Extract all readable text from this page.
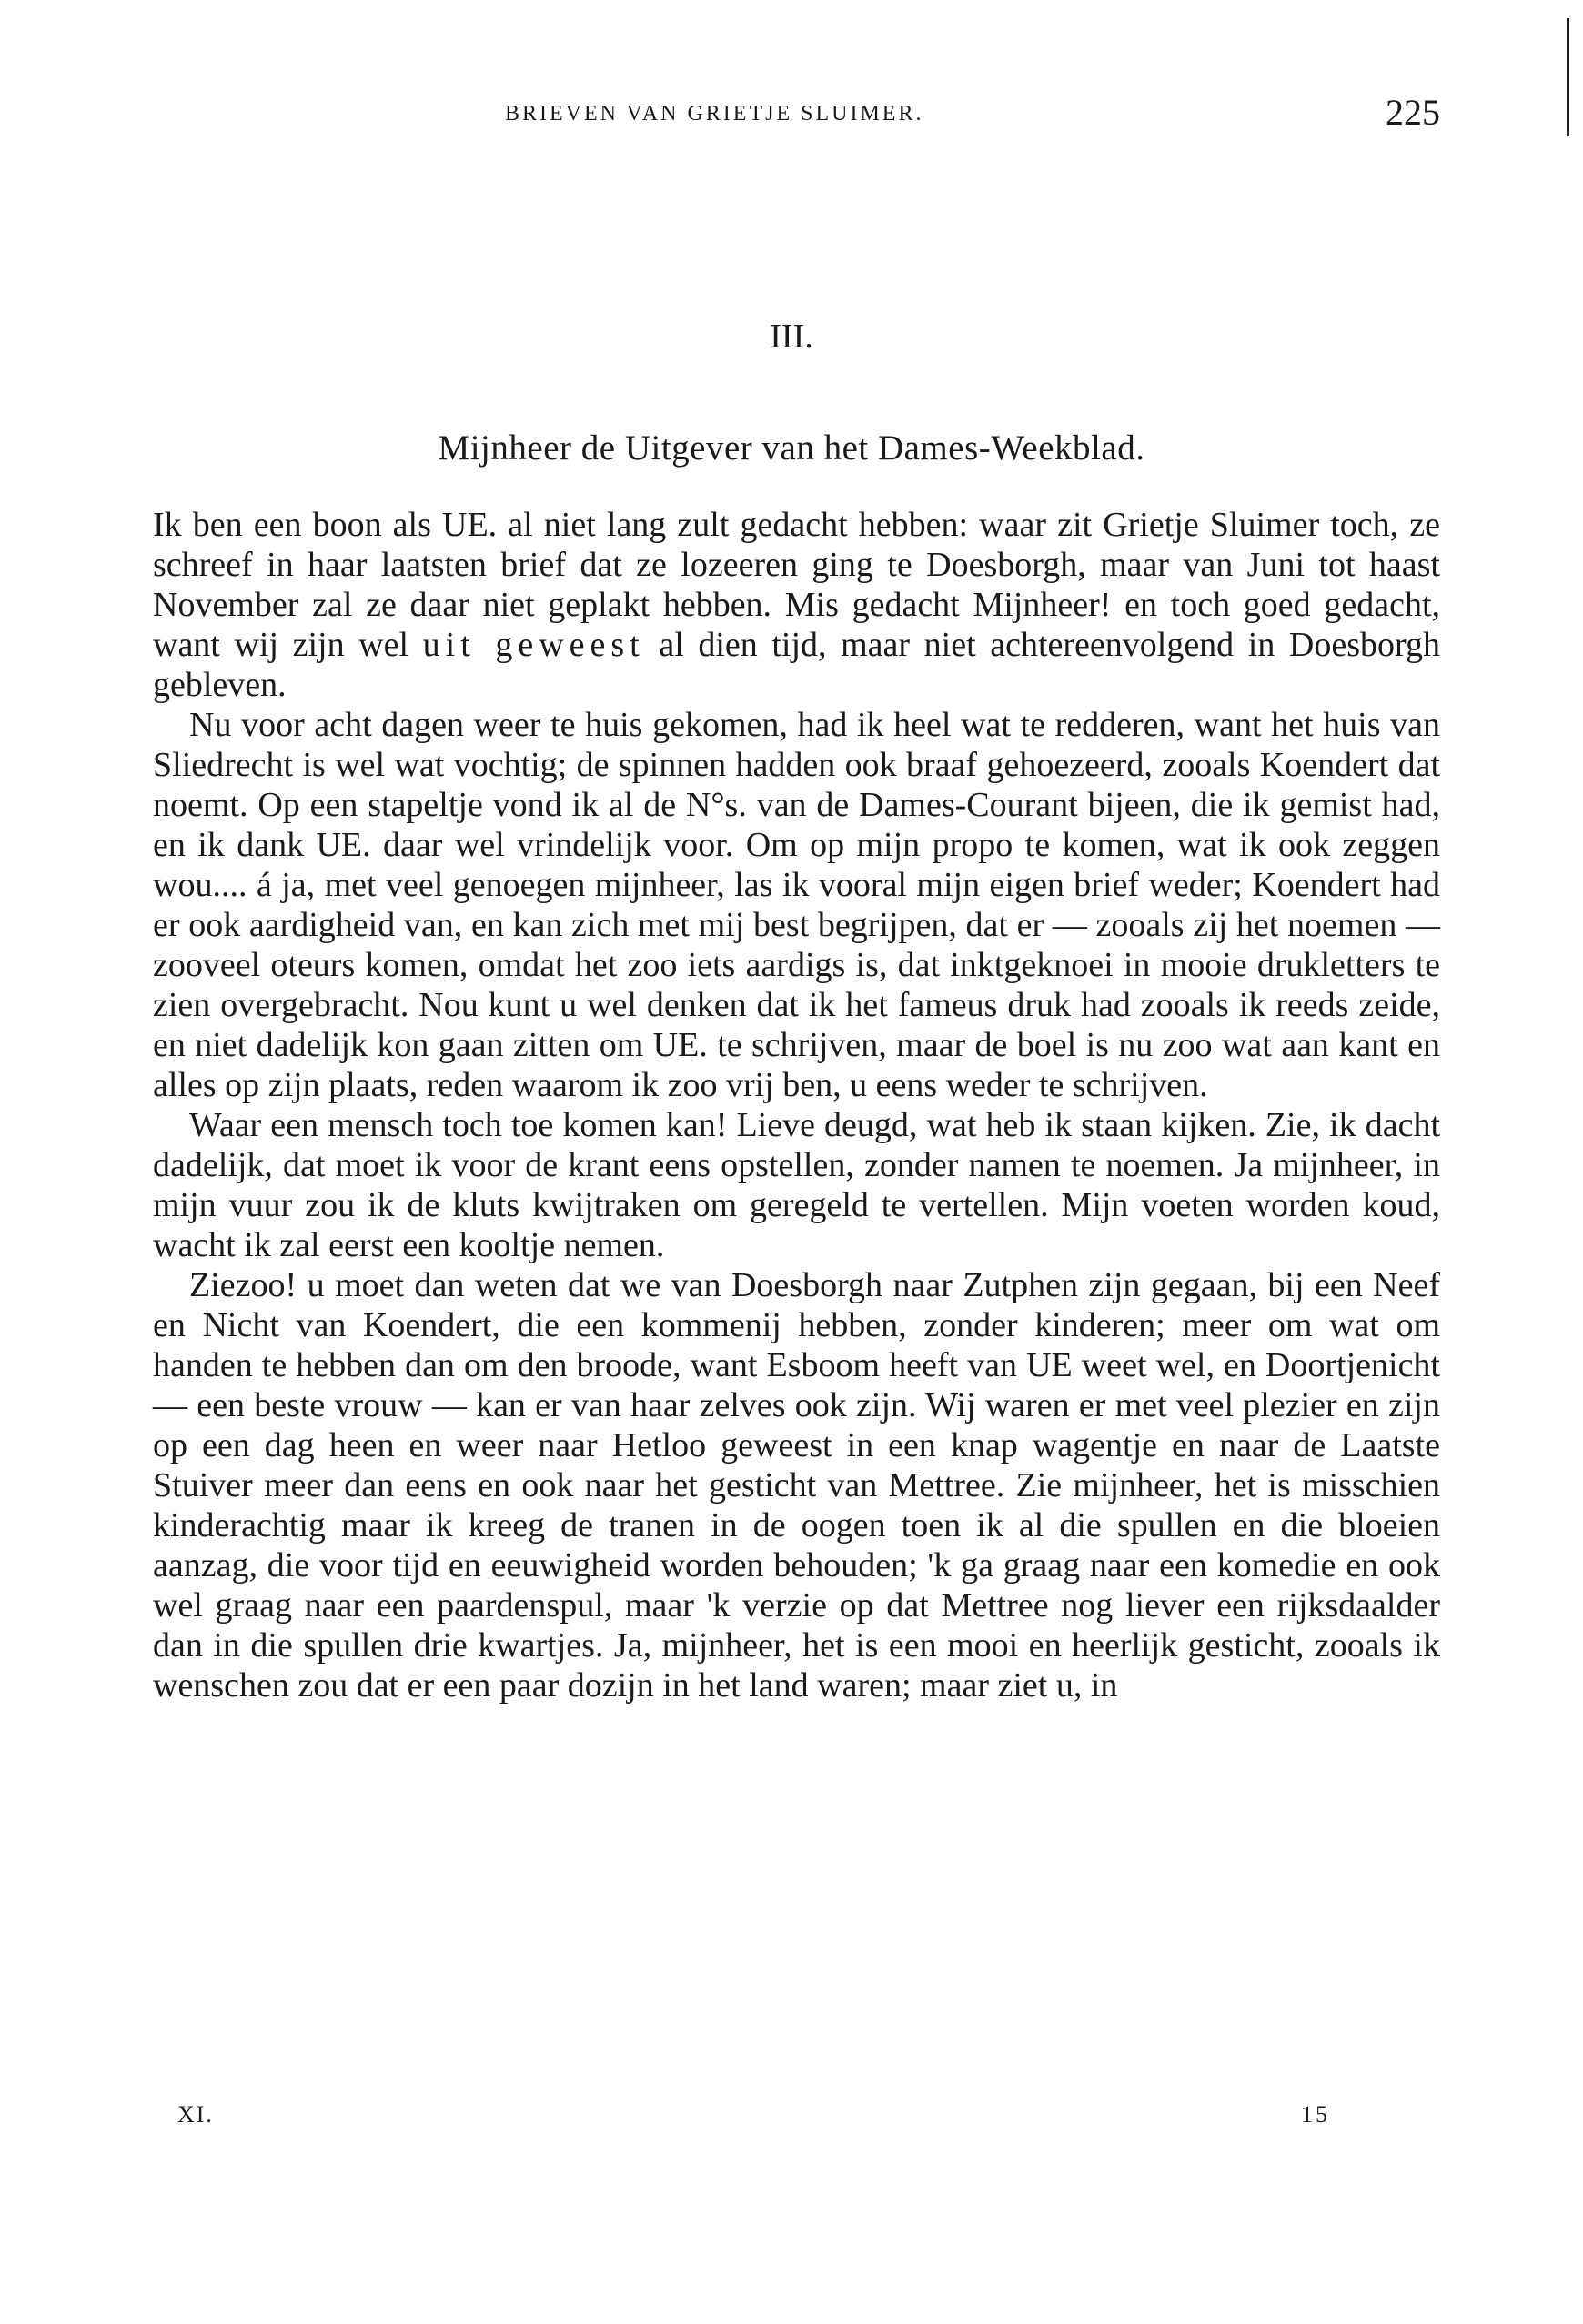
BRIEVEN VAN GRIETJE SLUIMER.	225
III.
Mijnheer de Uitgever van het Dames-Weekblad.

Ik ben een boon als UE. al niet lang zult gedacht hebben: waar zit Grietje Sluimer toch, ze schreef in haar laatsten brief dat ze lozeeren ging te Doesborgh, maar van Juni tot haast November zal ze daar niet geplakt hebben. Mis gedacht Mijnheer! en toch goed gedacht, want wij zijn wel uit geweest al dien tijd, maar niet achtereenvolgend in Doesborgh gebleven.

Nu voor acht dagen weer te huis gekomen, had ik heel wat te redderen, want het huis van Sliedrecht is wel wat vochtig; de spinnen hadden ook braaf gehoezeerd, zooals Koendert dat noemt. Op een stapeltje vond ik al de N°s. van de Dames-Courant bijeen, die ik gemist had, en ik dank UE. daar wel vrindelijk voor. Om op mijn propo te komen, wat ik ook zeggen wou.... á ja, met veel genoegen mijnheer, las ik vooral mijn eigen brief weder; Koendert had er ook aardigheid van, en kan zich met mij best begrijpen, dat er — zooals zij het noemen — zooveel oteurs komen, omdat het zoo iets aardigs is, dat inktgeknoei in mooie drukletters te zien overgebracht. Nou kunt u wel denken dat ik het fameus druk had zooals ik reeds zeide, en niet dadelijk kon gaan zitten om UE. te schrijven, maar de boel is nu zoo wat aan kant en alles op zijn plaats, reden waarom ik zoo vrij ben, u eens weder te schrijven.

Waar een mensch toch toe komen kan! Lieve deugd, wat heb ik staan kijken. Zie, ik dacht dadelijk, dat moet ik voor de krant eens opstellen, zonder namen te noemen. Ja mijnheer, in mijn vuur zou ik de kluts kwijtraken om geregeld te vertellen. Mijn voeten worden koud, wacht ik zal eerst een kooltje nemen.

Ziezoo! u moet dan weten dat we van Doesborgh naar Zutphen zijn gegaan, bij een Neef en Nicht van Koendert, die een kommenij hebben, zonder kinderen; meer om wat om handen te hebben dan om den broode, want Esboom heeft van UE weet wel, en Doortjenicht — een beste vrouw — kan er van haar zelves ook zijn. Wij waren er met veel plezier en zijn op een dag heen en weer naar Hetloo geweest in een knap wagentje en naar de Laatste Stuiver meer dan eens en ook naar het gesticht van Mettree. Zie mijnheer, het is misschien kinderachtig maar ik kreeg de tranen in de oogen toen ik al die spullen en die bloeien aanzag, die voor tijd en eeuwigheid worden behouden; 'k ga graag naar een komedie en ook wel graag naar een paardenspul, maar 'k verzie op dat Mettree nog liever een rijksdaalder dan in die spullen drie kwartjes. Ja, mijnheer, het is een mooi en heerlijk gesticht, zooals ik wenschen zou dat er een paar dozijn in het land waren; maar ziet u, in

XI.	15
